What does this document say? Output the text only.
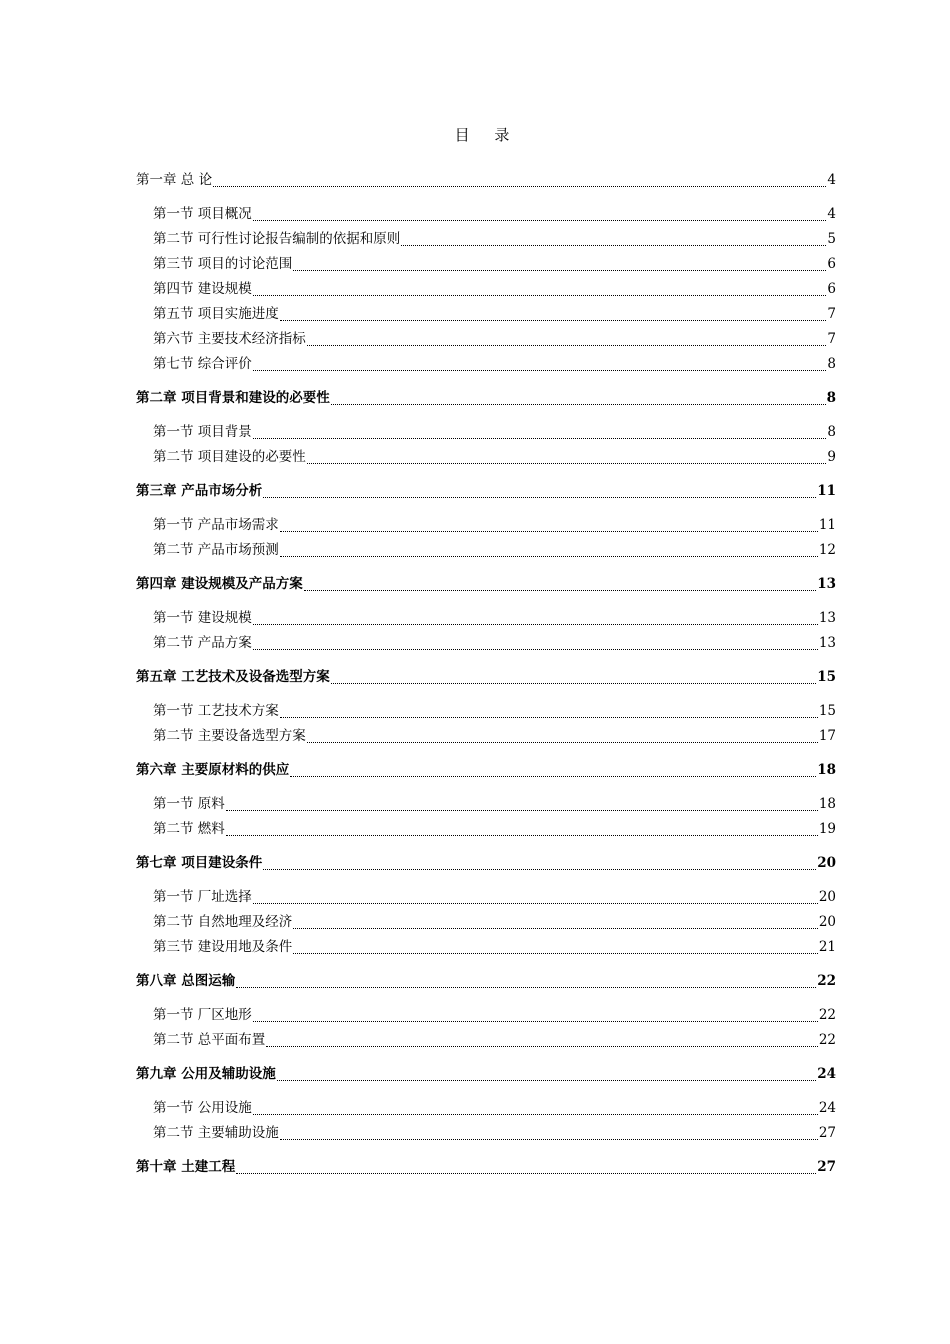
目 录
第一章 总 论	4
第一节 项目概况	4
第二节 可行性讨论报告编制的依据和原则	5
第三节 项目的讨论范围	6
第四节 建设规模	6
第五节 项目实施进度	7
第六节 主要技术经济指标	7
第七节 综合评价	8
第二章 项目背景和建设的必要性	8
第一节 项目背景	8
第二节 项目建设的必要性	9
第三章 产品市场分析	11
第一节 产品市场需求	11
第二节 产品市场预测	12
第四章 建设规模及产品方案	13
第一节 建设规模	13
第二节 产品方案	13
第五章 工艺技术及设备选型方案	15
第一节 工艺技术方案	15
第二节 主要设备选型方案	17
第六章 主要原材料的供应	18
第一节 原料	18
第二节 燃料	19
第七章 项目建设条件	20
第一节 厂址选择	20
第二节 自然地理及经济	20
第三节 建设用地及条件	21
第八章 总图运输	22
第一节 厂区地形	22
第二节 总平面布置	22
第九章 公用及辅助设施	24
第一节 公用设施	24
第二节 主要辅助设施	27
第十章 土建工程	27
